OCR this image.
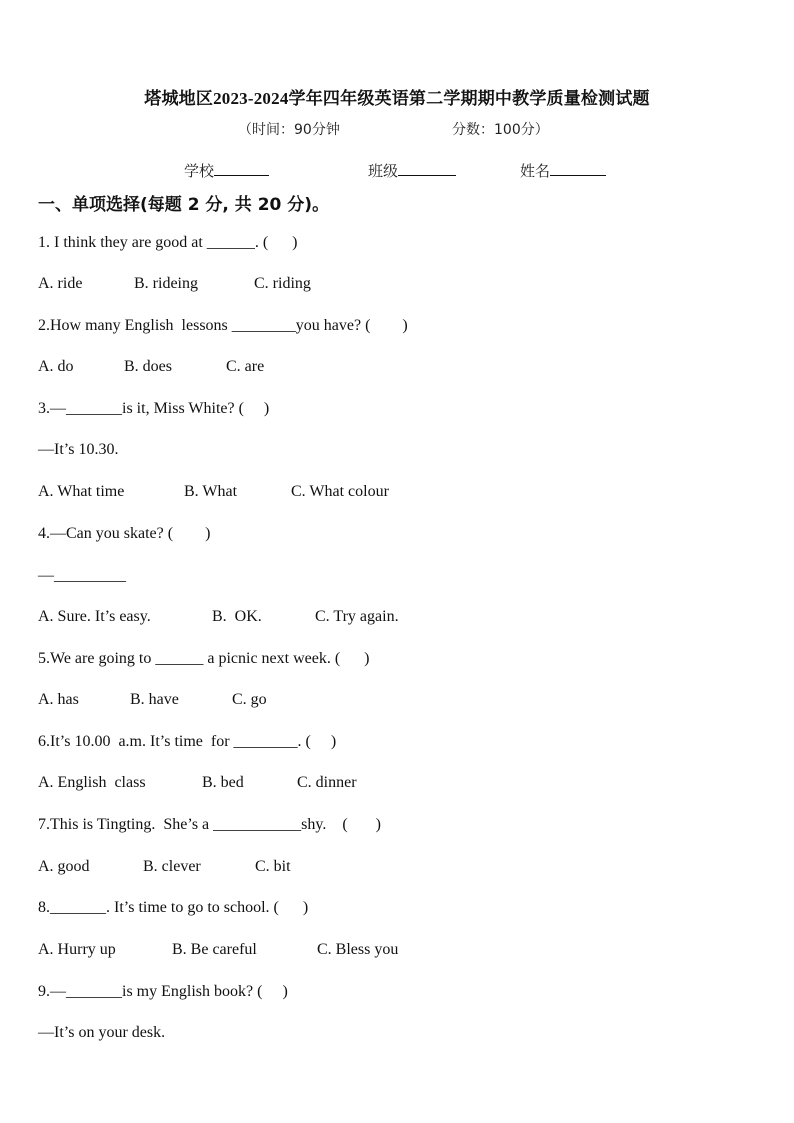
塔城地区2023-2024学年四年级英语第二学期期中教学质量检测试题
（时间：90分钟	分数：100分）
学校	班级	姓名
一、单项选择(每题 2 分, 共 20 分)。
1. I think they are good at ______. (      )
A. ride	B. rideing	C. riding
2.How many English  lessons ________you have? (        )
A. do	B. does	C. are
3.—_______is it, Miss White? (     )
—It’s 10.30.
A. What time	B. What	C. What colour
4.—Can you skate? (        )
—_________
A. Sure. It’s easy.	B.  OK.	C. Try again.
5.We are going to ______ a picnic next week. (      )
A. has	B. have	C. go
6.It’s 10.00  a.m. It’s time  for ________. (     )
A. English  class	B. bed	C. dinner
7.This is Tingting.  She’s a ___________shy.    (       )
A. good	B. clever	C. bit
8._______. It’s time to go to school. (      )
A. Hurry up	B. Be careful	C. Bless you
9.—_______is my English book? (     )
—It’s on your desk.
